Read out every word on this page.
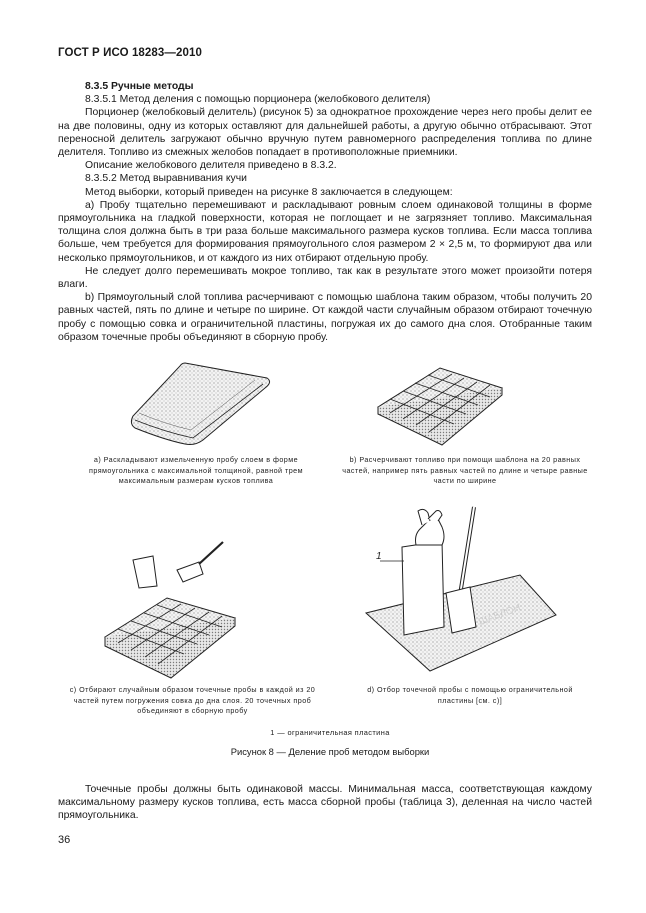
ГОСТ Р ИСО 18283—2010

8.3.5 Ручные методы

8.3.5.1 Метод деления с помощью порционера (желобкового делителя)

Порционер (желобковый делитель) (рисунок 5) за однократное прохождение через него пробы делит ее на две половины, одну из которых оставляют для дальнейшей работы, а другую обычно отбрасывают. Этот переносной делитель загружают обычно вручную путем равномерного распределения топлива по длине делителя. Топливо из смежных желобов попадает в противоположные приемники.

Описание желобкового делителя приведено в 8.3.2.

8.3.5.2 Метод выравнивания кучи

Метод выборки, который приведен на рисунке 8 заключается в следующем:

a) Пробу тщательно перемешивают и раскладывают ровным слоем одинаковой толщины в форме прямоугольника на гладкой поверхности, которая не поглощает и не загрязняет топливо. Максимальная толщина слоя должна быть в три раза больше максимального размера кусков топлива. Если масса топлива больше, чем требуется для формирования прямоугольного слоя размером 2 × 2,5 м, то формируют два или несколько прямоугольников, и от каждого из них отбирают отдельную пробу.

Не следует долго перемешивать мокрое топливо, так как в результате этого может произойти потеря влаги.

b) Прямоугольный слой топлива расчерчивают с помощью шаблона таким образом, чтобы получить 20 равных частей, пять по длине и четыре по ширине. От каждой части случайным образом отбирают точечную пробу с помощью совка и ограничительной пластины, погружая их до самого дна слоя. Отобранные таким образом точечные пробы объединяют в сборную пробу.

ШАБЛОН
1
а) Раскладывают измельченную пробу слоем в форме прямоугольника с максимальной толщиной, равной трем максимальным размерам кусков топлива
b) Расчерчивают топливо при помощи шаблона на 20 равных частей, например пять равных частей по длине и четыре равные части по ширине
с) Отбирают случайным образом точечные пробы в каждой из 20 частей путем погружения совка до дна слоя. 20 точечных проб объединяют в сборную пробу
d) Отбор точечной пробы с помощью ограничительной пластины [см. с)]
1 — ограничительная пластина
Рисунок 8 — Деление проб методом выборки

Точечные пробы должны быть одинаковой массы. Минимальная масса, соответствующая каждому максимальному размеру кусков топлива, есть масса сборной пробы (таблица 3), деленная на число частей прямоугольника.

36
